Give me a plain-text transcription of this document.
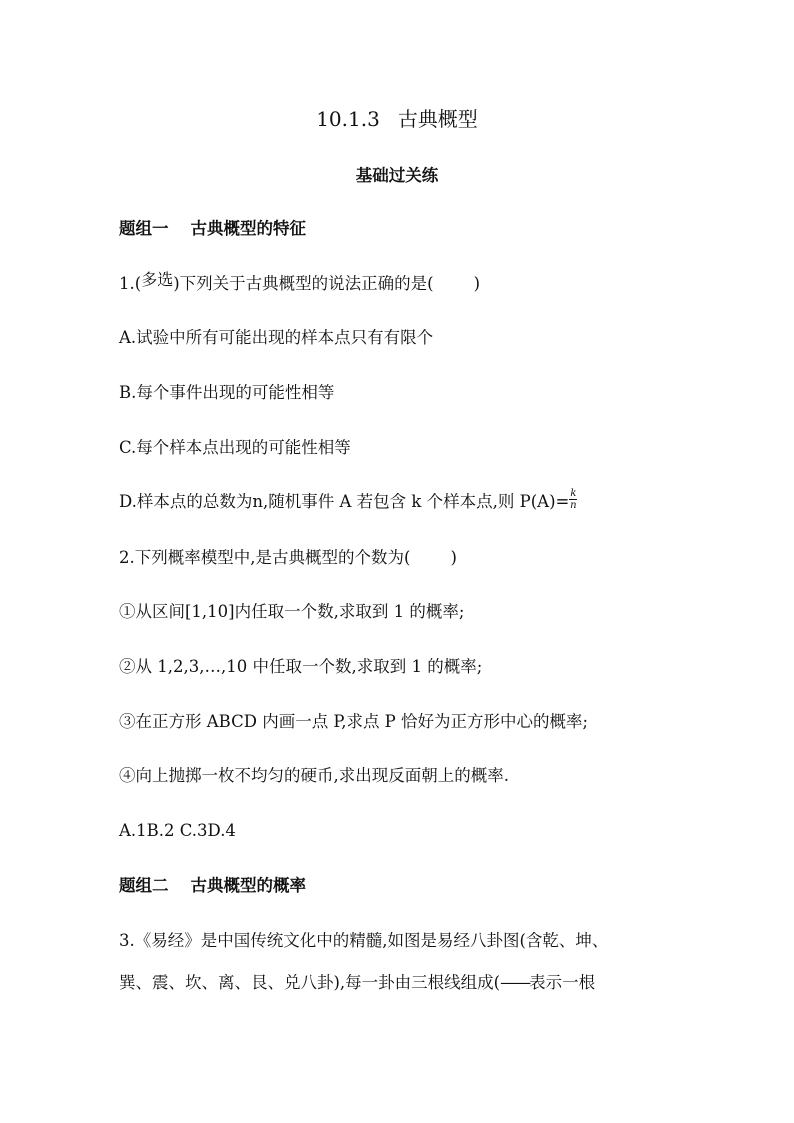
10.1.3 古典概型
基础过关练
题组一 古典概型的特征
1.(多选)下列关于古典概型的说法正确的是( )
A.试验中所有可能出现的样本点只有有限个
B.每个事件出现的可能性相等
C.每个样本点出现的可能性相等
D.样本点的总数为n,随机事件 A 若包含 k 个样本点,则 $P(A)= \frac{k}{n}$
2.下列概率模型中,是古典概型的个数为( )
①从区间[1,10]内任取一个数,求取到 1 的概率;
②从 1,2,3,…,10 中任取一个数,求取到 1 的概率;
③在正方形 ABCD 内画一点 P,求点 P 恰好为正方形中心的概率;
④向上抛掷一枚不均匀的硬币,求出现反面朝上的概率.
A.1B.2 C.3D.4
题组二 古典概型的概率
3.《易经》是中国传统文化中的精髓,如图是易经八卦图(含乾、坤、
巽、震、坎、离、艮、兑八卦),每一卦由三根线组成(——表示一根
